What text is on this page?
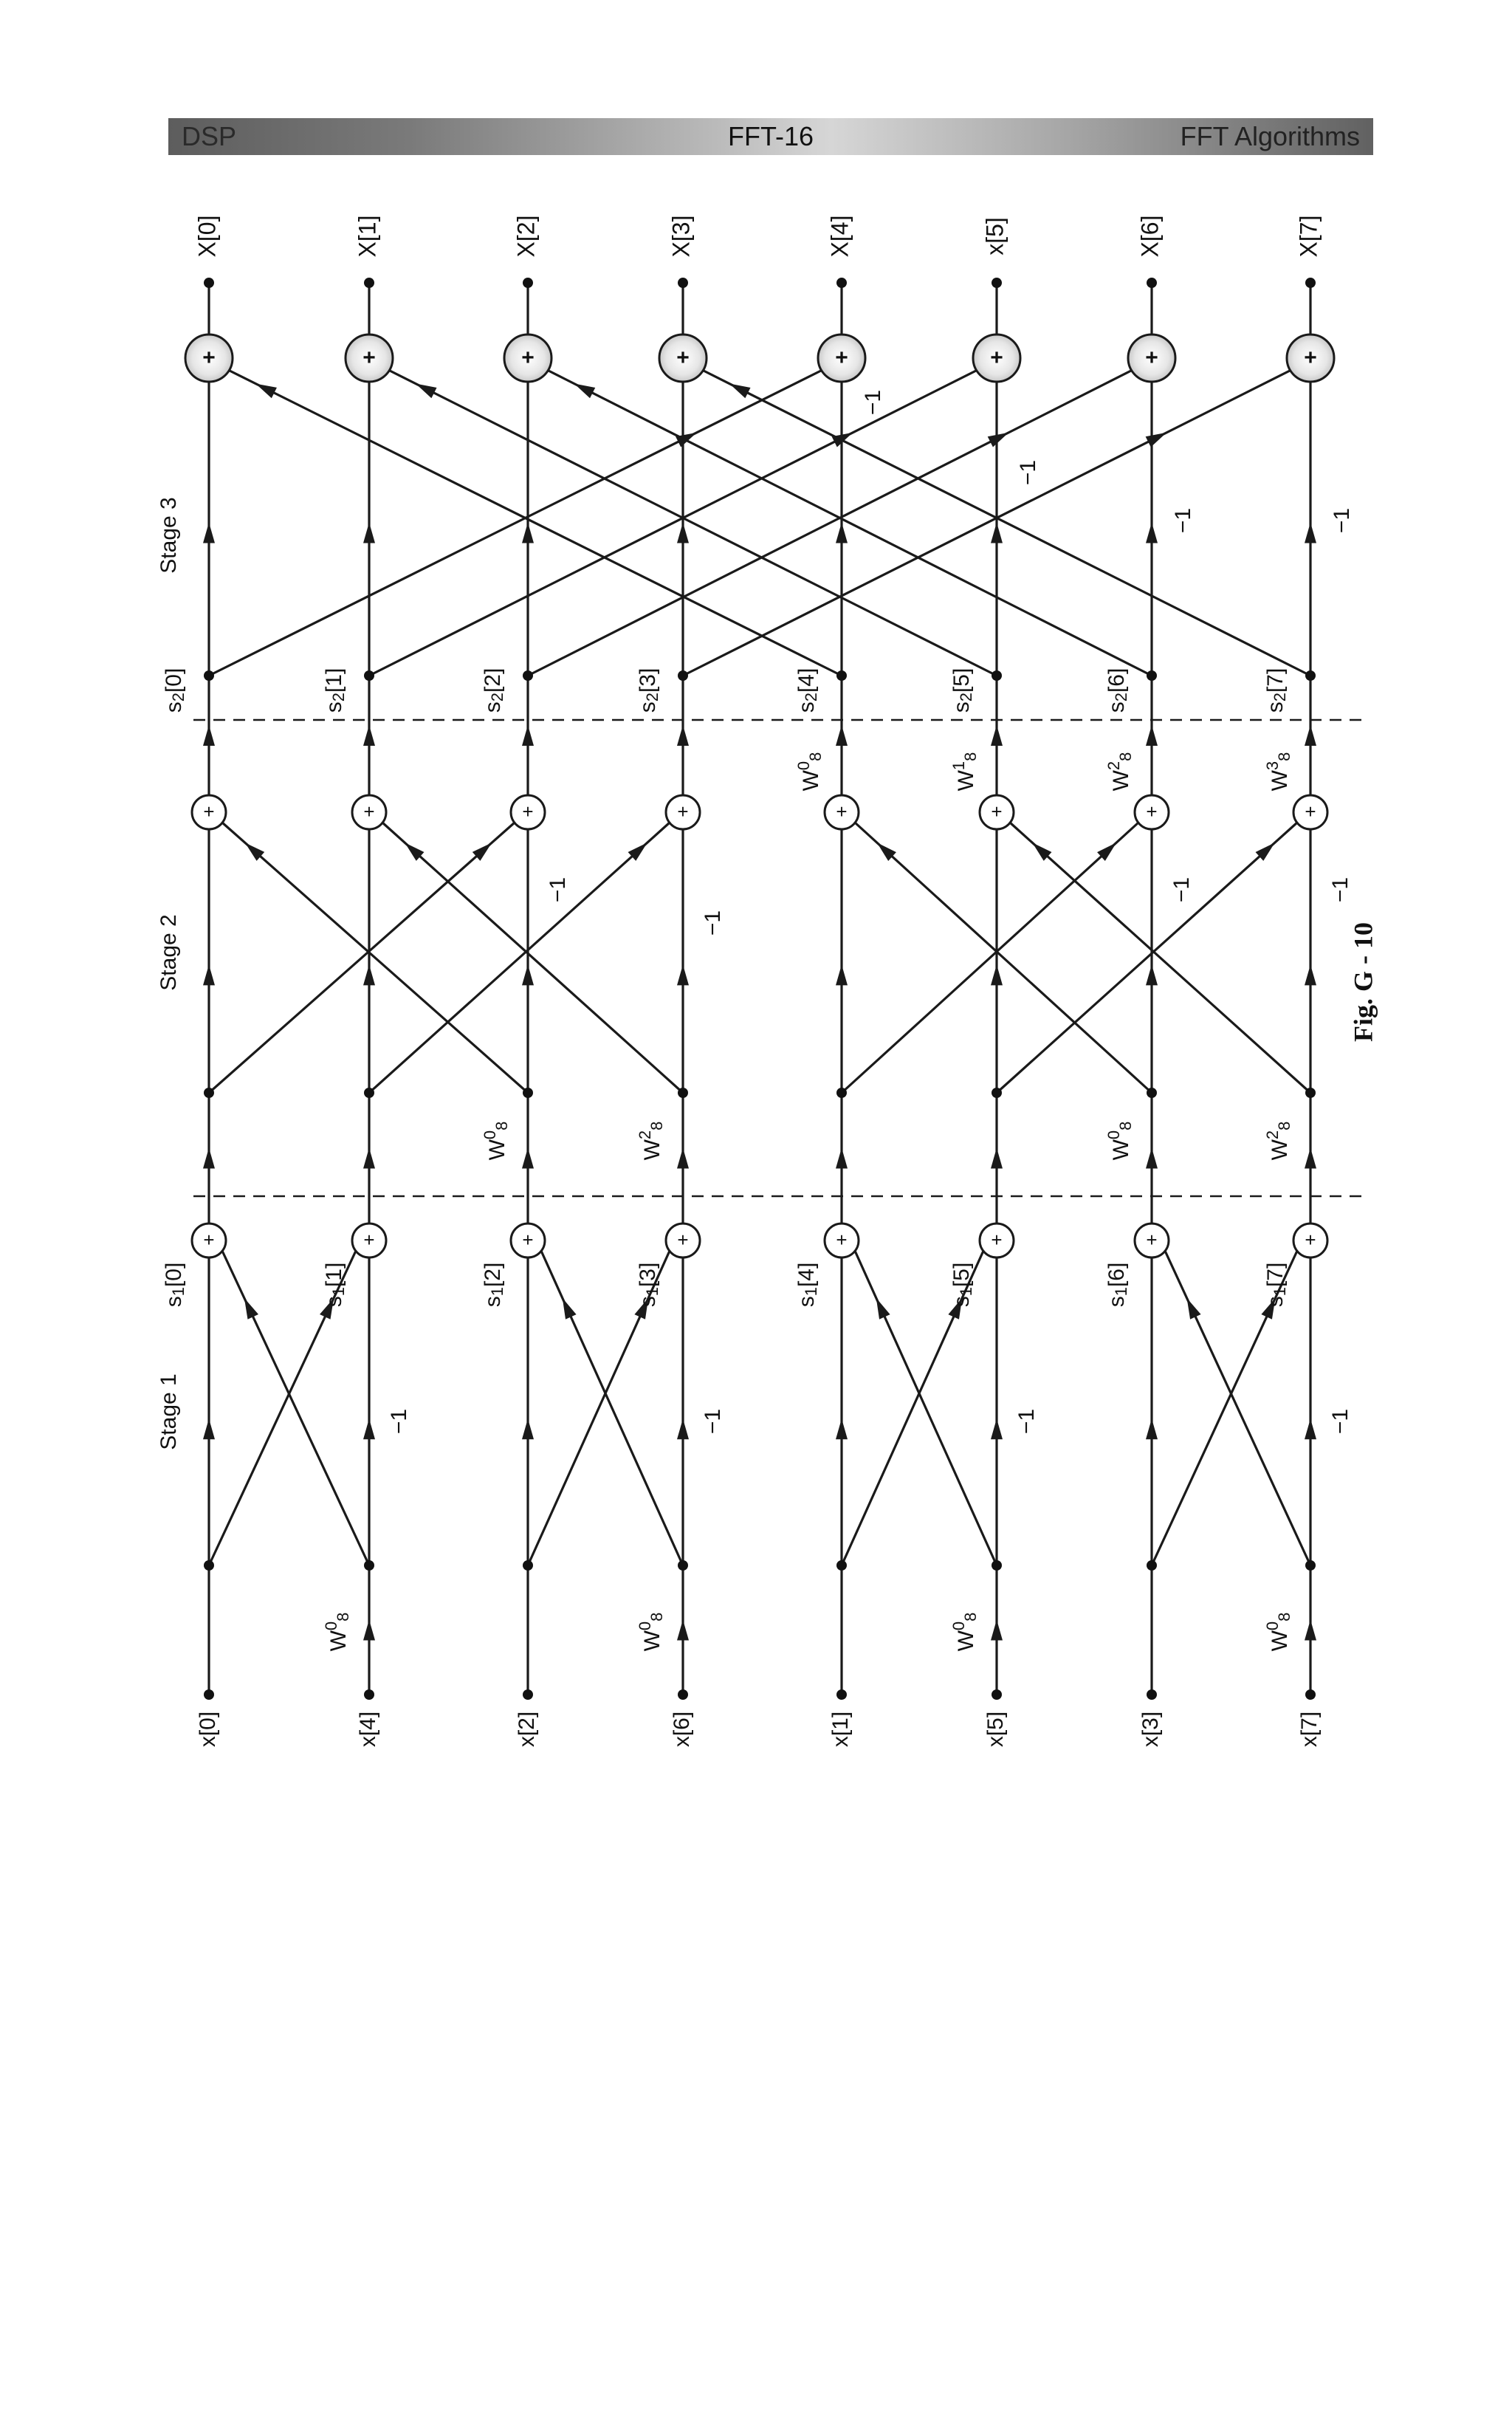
DSP	FFT-16	FFT Algorithms
+	+	+	+	+	+	+	+
+	+	+	+	+	+	+	+
+	+	+	+	+	+	+	+
Stage 1
Stage 2
Stage 3
x[0]	x[4]	x[2]	x[6]	x[1]	x[5]	x[3]	x[7]
X[0]	X[1]	X[2]	X[3]	X[4]	x[5]	X[6]	X[7]
s1[0]
s1[1]
s1[2]
s1[3]
s1[4]
s1[5]
s1[6]
s1[7]
s2[0]
s2[1]
s2[2]
s2[3]
s2[4]
s2[5]
s2[6]
s2[7]
W08
W08
W08
W08
W08
W28
W08
W28
W08
W18
W28
W38
−1	−1	−1	−1
−1
−1
−1	−1
−1
−1
−1	−1
Fig. G - 10
